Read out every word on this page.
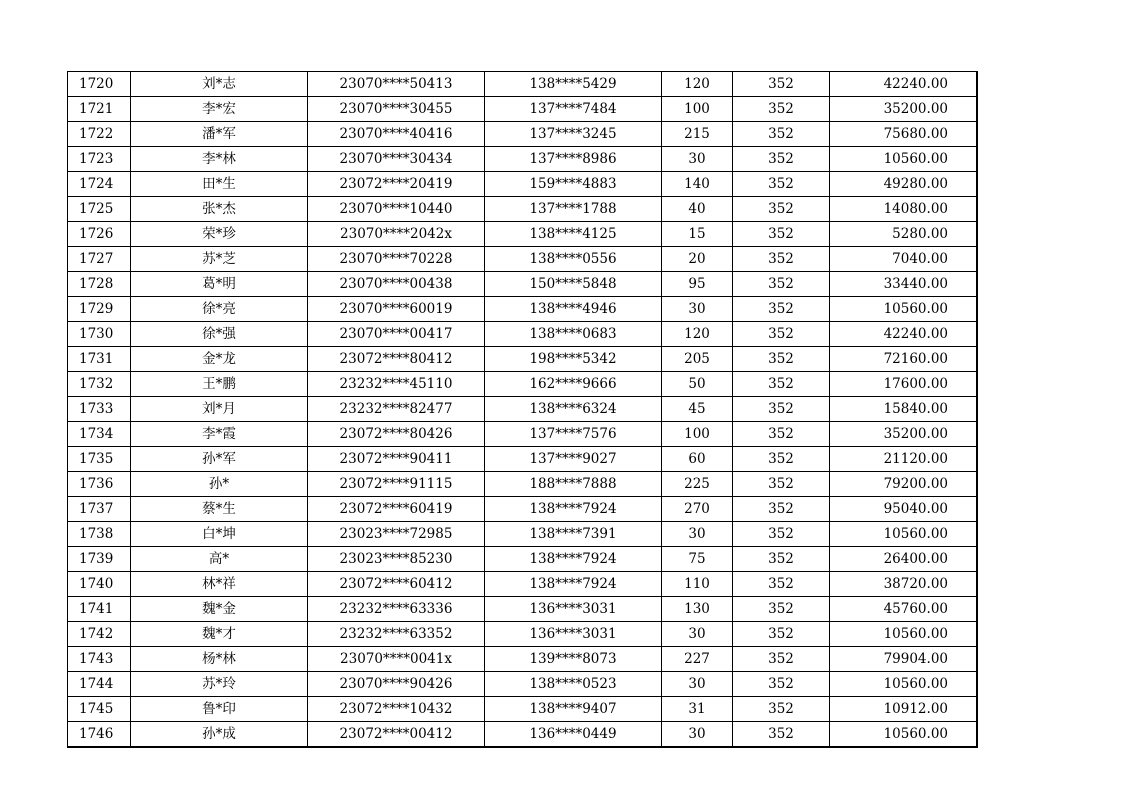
1720	刘*志	23070****50413	138****5429	120	352	42240.00
1721	李*宏	23070****30455	137****7484	100	352	35200.00
1722	潘*军	23070****40416	137****3245	215	352	75680.00
1723	李*林	23070****30434	137****8986	30	352	10560.00
1724	田*生	23072****20419	159****4883	140	352	49280.00
1725	张*杰	23070****10440	137****1788	40	352	14080.00
1726	荣*珍	23070****2042x	138****4125	15	352	5280.00
1727	苏*芝	23070****70228	138****0556	20	352	7040.00
1728	葛*明	23070****00438	150****5848	95	352	33440.00
1729	徐*亮	23070****60019	138****4946	30	352	10560.00
1730	徐*强	23070****00417	138****0683	120	352	42240.00
1731	金*龙	23072****80412	198****5342	205	352	72160.00
1732	王*鹏	23232****45110	162****9666	50	352	17600.00
1733	刘*月	23232****82477	138****6324	45	352	15840.00
1734	李*霞	23072****80426	137****7576	100	352	35200.00
1735	孙*军	23072****90411	137****9027	60	352	21120.00
1736	孙*	23072****91115	188****7888	225	352	79200.00
1737	蔡*生	23072****60419	138****7924	270	352	95040.00
1738	白*坤	23023****72985	138****7391	30	352	10560.00
1739	高*	23023****85230	138****7924	75	352	26400.00
1740	林*祥	23072****60412	138****7924	110	352	38720.00
1741	魏*金	23232****63336	136****3031	130	352	45760.00
1742	魏*才	23232****63352	136****3031	30	352	10560.00
1743	杨*林	23070****0041x	139****8073	227	352	79904.00
1744	苏*玲	23070****90426	138****0523	30	352	10560.00
1745	鲁*印	23072****10432	138****9407	31	352	10912.00
1746	孙*成	23072****00412	136****0449	30	352	10560.00
